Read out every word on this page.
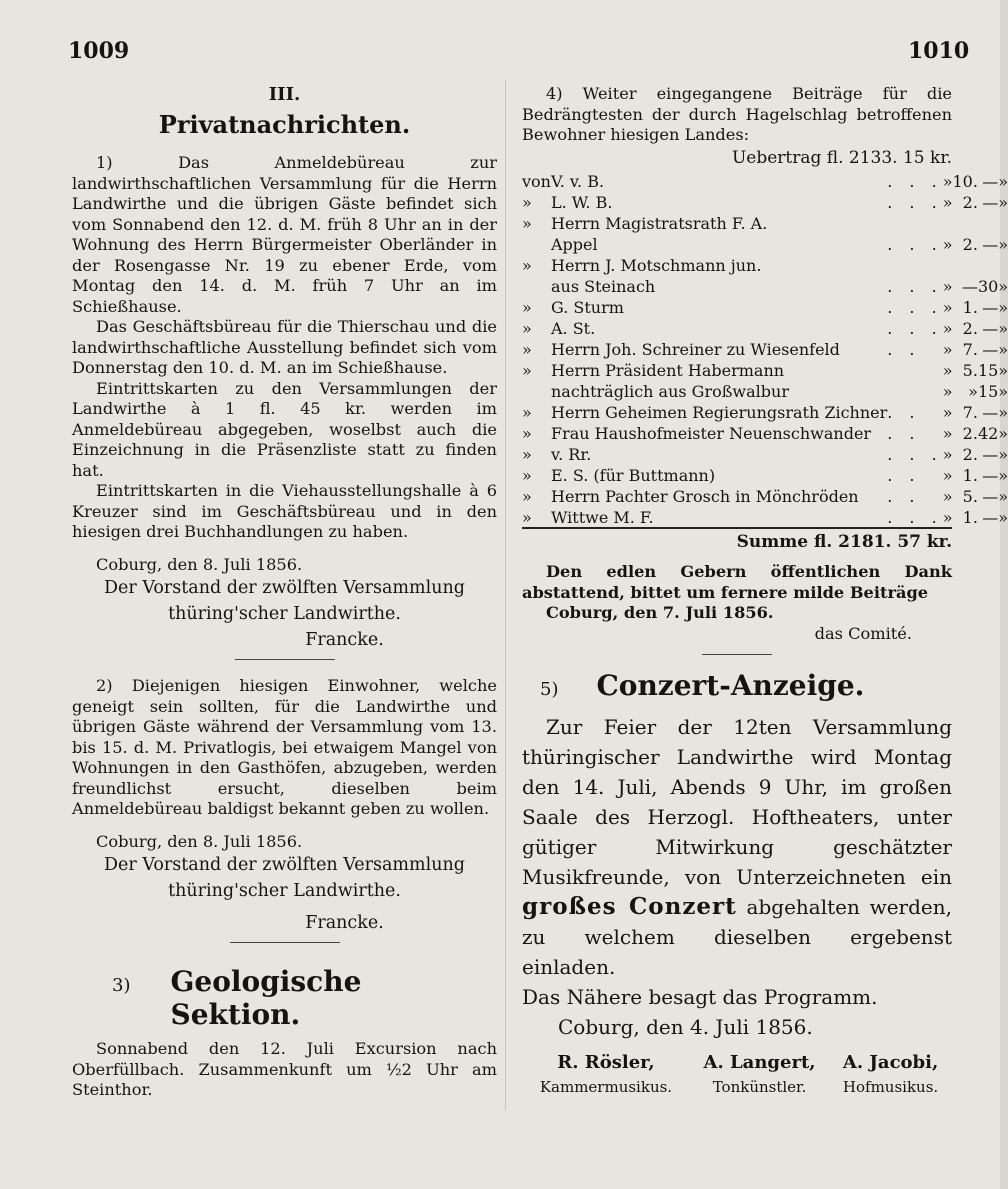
1009	1010
III.
Privatnachrichten.

1) Das Anmeldebüreau zur landwirthschaftlichen Versammlung für die Herrn Landwirthe und die übrigen Gäste befindet sich vom Sonnabend den 12. d. M. früh 8 Uhr an in der Wohnung des Herrn Bürgermeister Oberländer in der Rosengasse Nr. 19 zu ebener Erde, vom Montag den 14. d. M. früh 7 Uhr an im Schießhause.

Das Geschäftsbüreau für die Thierschau und die landwirthschaftliche Ausstellung befindet sich vom Donnerstag den 10. d. M. an im Schießhause.

Eintrittskarten zu den Versammlungen der Landwirthe à 1 fl. 45 kr. werden im Anmeldebüreau abgegeben, woselbst auch die Einzeichnung in die Präsenzliste statt zu finden hat.

Eintrittskarten in die Viehausstellungshalle à 6 Kreuzer sind im Geschäftsbüreau und in den hiesigen drei Buchhandlungen zu haben.

Coburg, den 8. Juli 1856.

Der Vorstand der zwölften Versammlung

thüring'scher Landwirthe.

Francke.

2) Diejenigen hiesigen Einwohner, welche geneigt sein sollten, für die Landwirthe und übrigen Gäste während der Versammlung vom 13. bis 15. d. M. Privatlogis, bei etwaigem Mangel von Wohnungen in den Gasthöfen, abzugeben, werden freundlichst ersucht, dieselben beim Anmeldebüreau baldigst bekannt geben zu wollen.

Coburg, den 8. Juli 1856.

Der Vorstand der zwölften Versammlung

thüring'scher Landwirthe.

Francke.

3) Geologische Sektion.

Sonnabend den 12. Juli Excursion nach Oberfüllbach. Zusammenkunft um ½2 Uhr am Steinthor.

4) Weiter eingegangene Beiträge für die Bedrängtesten der durch Hagelschlag betroffenen Bewohner hiesigen Landes:

Uebertrag fl. 2133. 15 kr.

von	V. v. B.	. . .	»	10.	—	»
»	L. W. B.	. . .	»	2.	—	»
»	Herrn Magistratsrath F. A.					
	Appel	. . .	»	2.	—	»
»	Herrn J. Motschmann jun.					
	aus Steinach	. . .	»	—	30	»
»	G. Sturm	. . .	»	1.	—	»
»	A. St.	. . .	»	2.	—	»
»	Herrn Joh. Schreiner zu Wiesenfeld	. .	»	7.	—	»
»	Herrn Präsident Habermann		»	5.	15	»
	nachträglich aus Großwalbur		»	»	15	»
»	Herrn Geheimen Regierungsrath Zichner	. .	»	7.	—	»
»	Frau Haushofmeister Neuenschwander	. .	»	2.	42	»
»	v. Rr.	. . .	»	2.	—	»
»	E. S. (für Buttmann)	. .	»	1.	—	»
»	Herrn Pachter Grosch in Mönchröden	. .	»	5.	—	»
»	Wittwe M. F.	. . .	»	1.	—	»
Summe fl. 2181. 57 kr.

Den edlen Gebern öffentlichen Dank abstattend, bittet um fernere milde Beiträge

Coburg, den 7. Juli 1856.

das Comité.

5) Conzert-Anzeige.

Zur Feier der 12ten Versammlung thüringischer Landwirthe wird Montag den 14. Juli, Abends 9 Uhr, im großen Saale des Herzogl. Hoftheaters, unter gütiger Mitwirkung geschätzter Musikfreunde, von Unterzeichneten ein großes Conzert abgehalten werden, zu welchem dieselben ergebenst einladen.

Das Nähere besagt das Programm.

Coburg, den 4. Juli 1856.

R. Rösler,
Kammermusikus.

A. Langert,
Tonkünstler.

A. Jacobi,
Hofmusikus.
